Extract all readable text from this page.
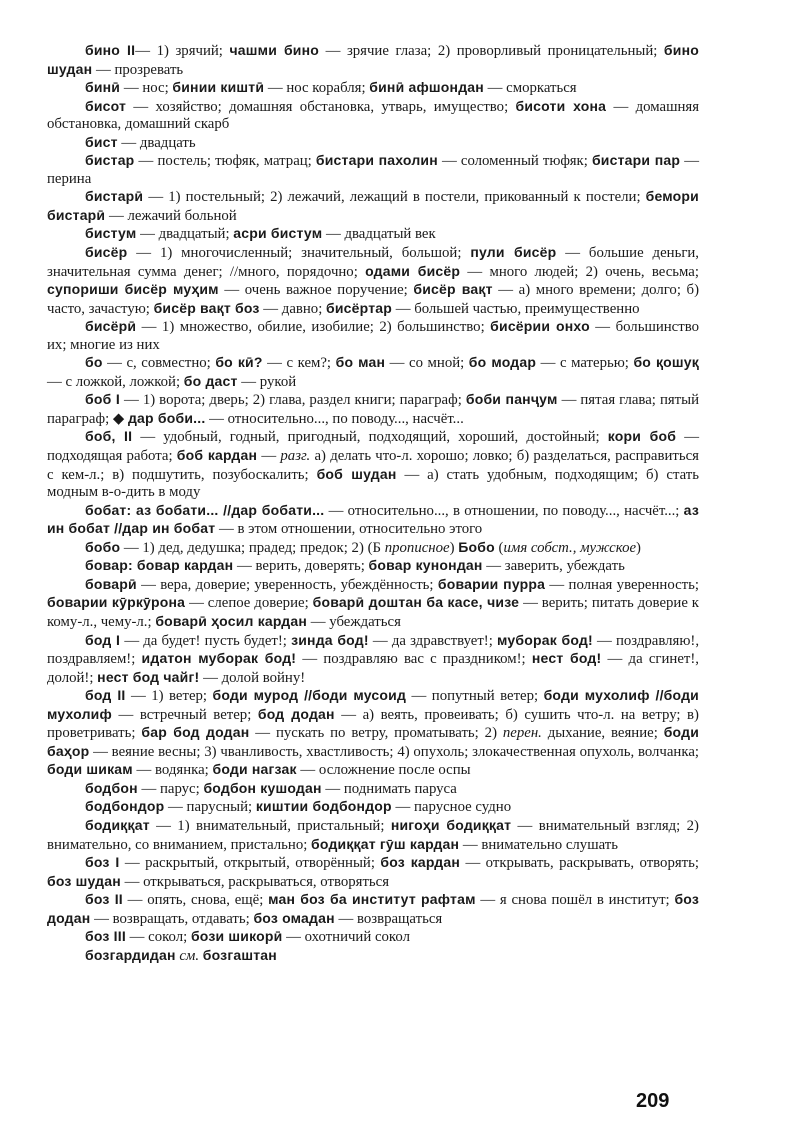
бино II— 1) зрячий; чашми бино — зрячие глаза; 2) проворливый проницательный; бино шудан — прозревать

бинӣ — нос; бинии киштӣ — нос корабля; бинӣ афшондан — сморкаться

бисот — хозяйство; домашняя обстановка, утварь, имущество; бисоти хона — домашняя обстановка, домашний скарб

бист — двадцать

бистар — постель; тюфяк, матрац; бистари пахолин — соломенный тюфяк; бистари пар — перина

бистарӣ — 1) постельный; 2) лежачий, лежащий в постели, прикованный к постели; бемори бистарӣ — лежачий больной

бистум — двадцатый; асри бистум — двадцатый век

бисёр — 1) многочисленный; значительный, большой; пули бисёр — большие деньги, значительная сумма денег; //много, порядочно; одами бисёр — много людей; 2) очень, весьма; супориши бисёр муҳим — очень важное поручение; бисёр вақт — а) много времени; долго; б) часто, зачастую; бисёр вақт боз — давно; бисёртар — большей частью, преимущественно

бисёрӣ — 1) множество, обилие, изобилие; 2) большинство; бисёрии онхо — большинство их; многие из них

бо — с, совместно; бо кӣ? — с кем?; бо ман — со мной; бо модар — с матерью; бо қошуқ — с ложкой, ложкой; бо даст — рукой

боб I — 1) ворота; дверь; 2) глава, раздел книги; параграф; боби панҷум — пятая глава; пятый параграф; ◆ дар боби... — относительно..., по поводу..., насчёт...

боб, II — удобный, годный, пригодный, подходящий, хороший, достойный; кори боб — подходящая работа; боб кардан — разг. а) делать что-л. хорошо; ловко; б) разделаться, расправиться с кем-л.; в) подшутить, позубоскалить; боб шудан — а) стать удобным, подходящим; б) стать модным в-о-дить в моду

бобат: аз бобати... //дар бобати... — относительно..., в отношении, по поводу..., насчёт...; аз ин бобат //дар ин бобат — в этом отношении, относительно этого

бобо — 1) дед, дедушка; прадед; предок; 2) (Б прописное) Бобо (имя собст., мужское)

бовар: бовар кардан — верить, доверять; бовар кунондан — заверить, убеждать

боварӣ — вера, доверие; уверенность, убеждённость; боварии пурра — полная уверенность; боварии кӯркӯрона — слепое доверие; боварӣ доштан ба касе, чизе — верить; питать доверие к кому-л., чему-л.; боварӣ ҳосил кардан — убеждаться

бод I — да будет! пусть будет!; зинда бод! — да здравствует!; муборак бод! — поздравляю!, поздравляем!; идатон муборак бод! — поздравляю вас с праздником!; нест бод! — да сгинет!, долой!; нест бод чайг! — долой войну!

бод II — 1) ветер; боди мурод //боди мусоид — попутный ветер; боди мухолиф //боди мухолиф — встречный ветер; бод додан — а) веять, провеивать; б) сушить что-л. на ветру; в) проветривать; бар бод додан — пускать по ветру, проматывать; 2) перен. дыхание, веяние; боди баҳор — веяние весны; 3) чванливость, хвастливость; 4) опухоль; злокачественная опухоль, волчанка; боди шикам — водянка; боди нагзак — осложнение после оспы

бодбон — парус; бодбон кушодан — поднимать паруса

бодбондор — парусный; киштии бодбондор — парусное судно

бодиққат — 1) внимательный, пристальный; нигоҳи бодиққат — внимательный взгляд; 2) внимательно, со вниманием, пристально; бодиққат гӯш кардан — внимательно слушать

боз I — раскрытый, открытый, отворённый; боз кардан — открывать, раскрывать, отворять; боз шудан — открываться, раскрываться, отворяться

боз II — опять, снова, ещё; ман боз ба институт рафтам — я снова пошёл в институт; боз додан — возвращать, отдавать; боз омадан — возвращаться

боз III — сокол; бози шикорӣ — охотничий сокол

бозгардидан см. бозгаштан

209
